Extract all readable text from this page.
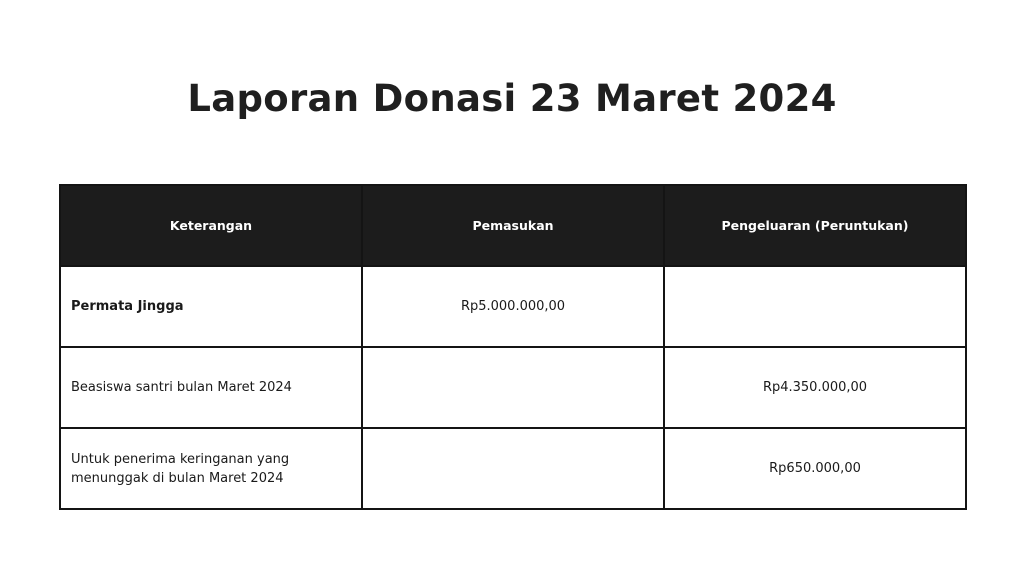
Laporan Donasi 23 Maret 2024
Keterangan	Pemasukan	Pengeluaran (Peruntukan)
Permata Jingga	Rp5.000.000,00	
Beasiswa santri bulan Maret 2024		Rp4.350.000,00
Untuk penerima keringanan yang menunggak di bulan Maret 2024		Rp650.000,00
